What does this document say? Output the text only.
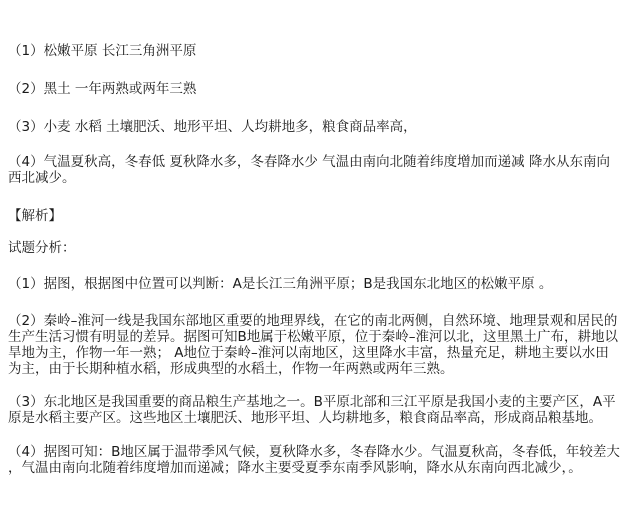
（1）松嫩平原 长江三角洲平原
（2）黑土 一年两熟或两年三熟
（3）小麦 水稻 土壤肥沃、地形平坦、人均耕地多，粮食商品率高，
（4）气温夏秋高，冬春低 夏秋降水多，冬春降水少 气温由南向北随着纬度增加而递减 降水从东南向
西北减少。
【解析】
试题分析：
（1）据图，根据图中位置可以判断：A是长江三角洲平原；B是我国东北地区的松嫩平原 。
（2）秦岭–淮河一线是我国东部地区重要的地理界线，在它的南北两侧，自然环境、地理景观和居民的
生产生活习惯有明显的差异。据图可知B地属于松嫩平原，位于秦岭–淮河以北，这里黑土广布，耕地以
旱地为主，作物一年一熟； A地位于秦岭–淮河以南地区，这里降水丰富，热量充足，耕地主要以水田
为主，由于长期种植水稻，形成典型的水稻土，作物一年两熟或两年三熟。
（3）东北地区是我国重要的商品粮生产基地之一。B平原北部和三江平原是我国小麦的主要产区，A平
原是水稻主要产区。这些地区土壤肥沃、地形平坦、人均耕地多，粮食商品率高，形成商品粮基地。
（4）据图可知：B地区属于温带季风气候，夏秋降水多，冬春降水少。气温夏秋高，冬春低，年较差大
，气温由南向北随着纬度增加而递减；降水主要受夏季东南季风影响，降水从东南向西北减少，。
